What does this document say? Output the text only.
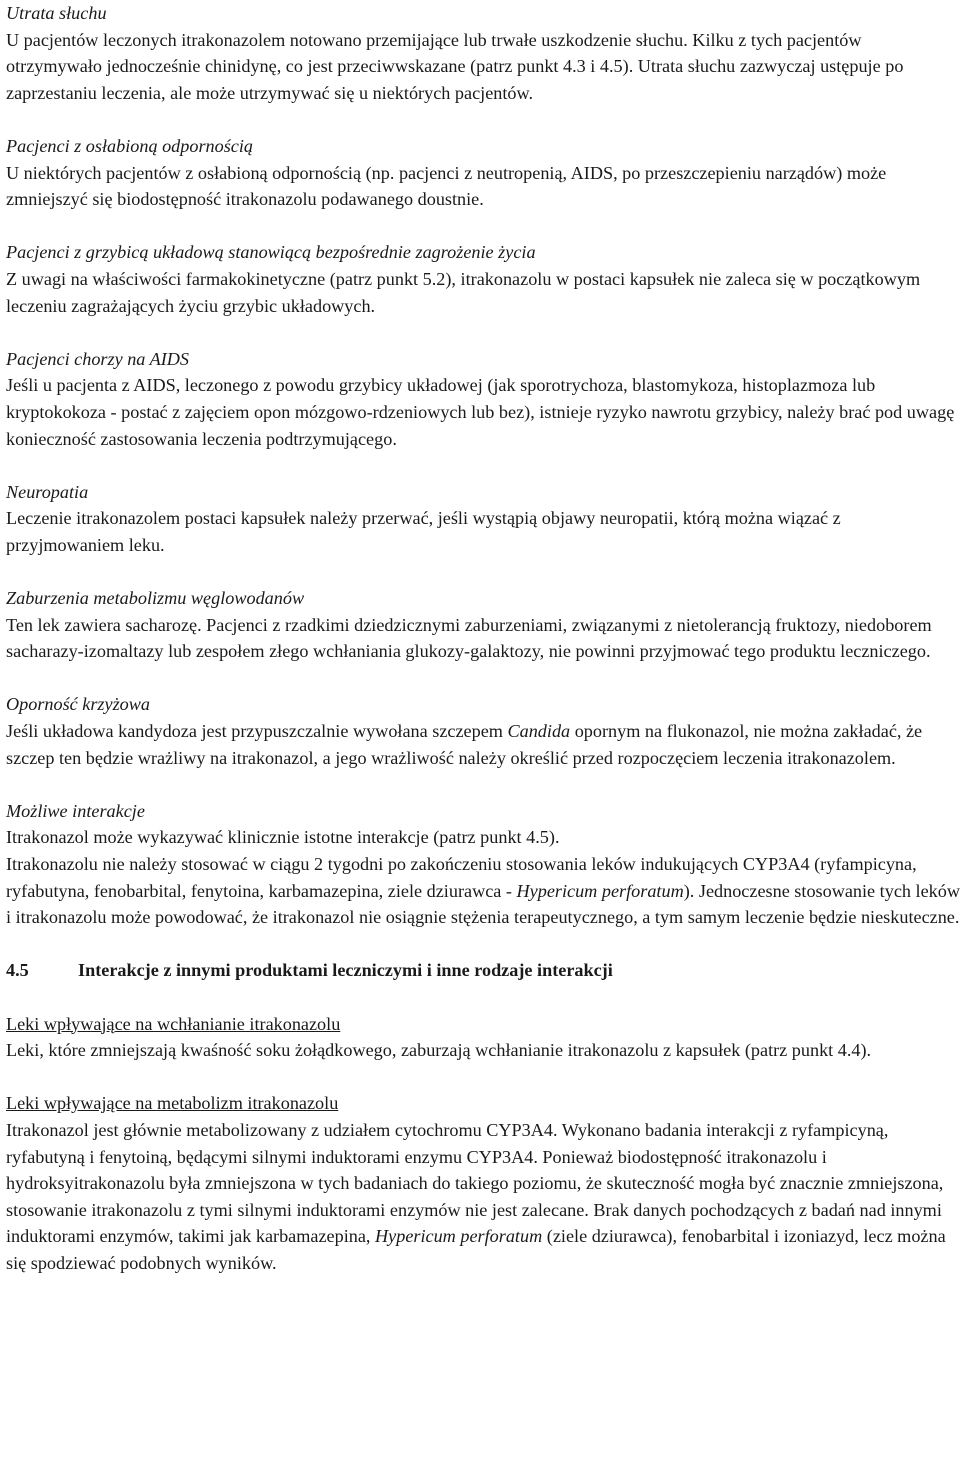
Utrata słuchu

U pacjentów leczonych itrakonazolem notowano przemijające lub trwałe uszkodzenie słuchu. Kilku z tych pacjentów otrzymywało jednocześnie chinidynę, co jest przeciwwskazane (patrz punkt 4.3 i 4.5). Utrata słuchu zazwyczaj ustępuje po zaprzestaniu leczenia, ale może utrzymywać się u niektórych pacjentów.

Pacjenci z osłabioną odpornością

U niektórych pacjentów z osłabioną odpornością (np. pacjenci z neutropenią, AIDS, po przeszczepieniu narządów) może zmniejszyć się biodostępność itrakonazolu podawanego doustnie.

Pacjenci z grzybicą układową stanowiącą bezpośrednie zagrożenie życia

Z uwagi na właściwości farmakokinetyczne (patrz punkt 5.2), itrakonazolu w postaci kapsułek nie zaleca się w początkowym leczeniu zagrażających życiu grzybic układowych.

Pacjenci chorzy na AIDS

Jeśli u pacjenta z AIDS, leczonego z powodu grzybicy układowej (jak sporotrychoza, blastomykoza, histoplazmoza lub kryptokokoza - postać z zajęciem opon mózgowo-rdzeniowych lub bez), istnieje ryzyko nawrotu grzybicy, należy brać pod uwagę konieczność zastosowania leczenia podtrzymującego.

Neuropatia

Leczenie itrakonazolem postaci kapsułek należy przerwać, jeśli wystąpią objawy neuropatii, którą można wiązać z przyjmowaniem leku.

Zaburzenia metabolizmu węglowodanów

Ten lek zawiera sacharozę. Pacjenci z rzadkimi dziedzicznymi zaburzeniami, związanymi z nietolerancją fruktozy, niedoborem sacharazy-izomaltazy lub zespołem złego wchłaniania glukozy-galaktozy, nie powinni przyjmować tego produktu leczniczego.

Oporność krzyżowa

Jeśli układowa kandydoza jest przypuszczalnie wywołana szczepem Candida opornym na flukonazol, nie można zakładać, że szczep ten będzie wrażliwy na itrakonazol, a jego wrażliwość należy określić przed rozpoczęciem leczenia itrakonazolem.

Możliwe interakcje

Itrakonazol może wykazywać klinicznie istotne interakcje (patrz punkt 4.5).

Itrakonazolu nie należy stosować w ciągu 2 tygodni po zakończeniu stosowania leków indukujących CYP3A4 (ryfampicyna, ryfabutyna, fenobarbital, fenytoina, karbamazepina, ziele dziurawca - Hypericum perforatum). Jednoczesne stosowanie tych leków i itrakonazolu może powodować, że itrakonazol nie osiągnie stężenia terapeutycznego, a tym samym leczenie będzie nieskuteczne.

4.5	Interakcje z innymi produktami leczniczymi i inne rodzaje interakcji
Leki wpływające na wchłanianie itrakonazolu

Leki, które zmniejszają kwaśność soku żołądkowego, zaburzają wchłanianie itrakonazolu z kapsułek (patrz punkt 4.4).

Leki wpływające na metabolizm itrakonazolu

Itrakonazol jest głównie metabolizowany z udziałem cytochromu CYP3A4. Wykonano badania interakcji z ryfampicyną, ryfabutyną i fenytoiną, będącymi silnymi induktorami enzymu CYP3A4. Ponieważ biodostępność itrakonazolu i hydroksyitrakonazolu była zmniejszona w tych badaniach do takiego poziomu, że skuteczność mogła być znacznie zmniejszona, stosowanie itrakonazolu z tymi silnymi induktorami enzymów nie jest zalecane. Brak danych pochodzących z badań nad innymi induktorami enzymów, takimi jak karbamazepina, Hypericum perforatum (ziele dziurawca), fenobarbital i izoniazyd, lecz można się spodziewać podobnych wyników.
